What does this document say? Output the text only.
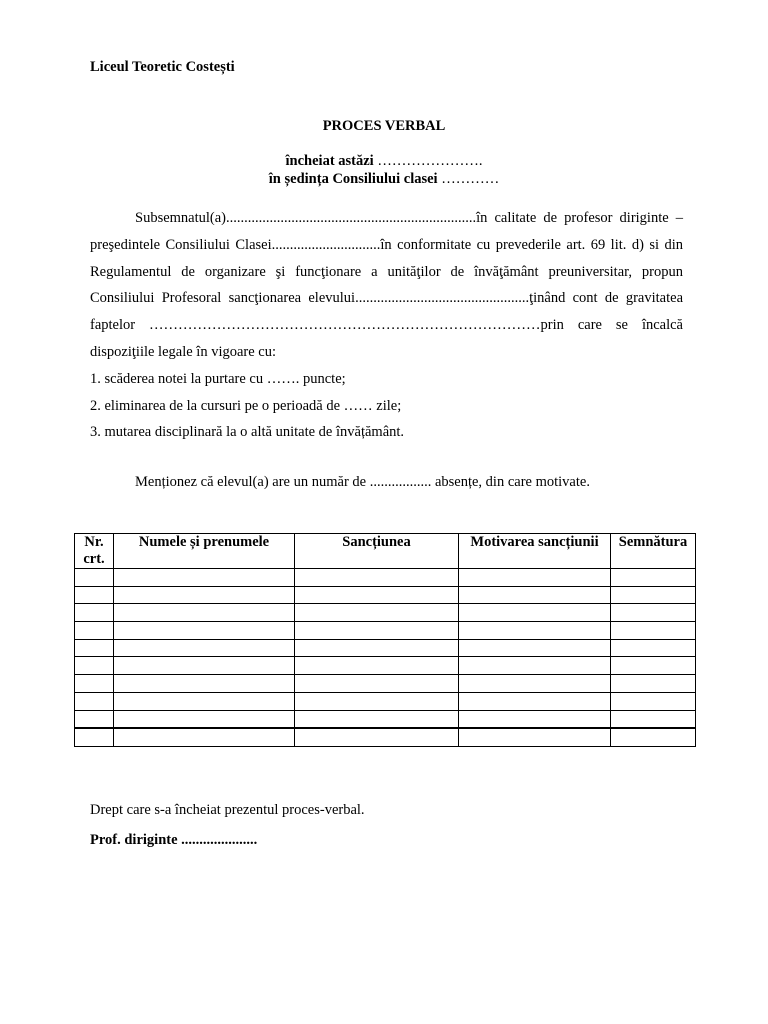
Liceul Teoretic Costești
PROCES VERBAL
încheiat astăzi ………………….
în ședința Consiliului clasei …………

Subsemnatul(a).....................................................................în calitate de profesor diriginte – preşedintele Consiliului Clasei..............................în conformitate cu prevederile art. 69 lit. d) si din Regulamentul de organizare şi funcţionare a unităţilor de învăţământ preuniversitar, propun Consiliului Profesoral sancţionarea elevului................................................ţinând cont de gravitatea faptelor ………………………………………………………………………prin care se încalcă dispoziţiile legale în vigoare cu:

1. scăderea notei la purtare cu ……. puncte;

2. eliminarea de la cursuri pe o perioadă de …… zile;

3. mutarea disciplinară la o altă unitate de învățământ.

Menționez că elevul(a) are un număr de ................. absențe, din care motivate.
Nr. crt.	Numele și prenumele	Sancțiunea	Motivarea sancțiunii	Semnătura

Drept care s-a încheiat prezentul proces-verbal.
Prof. diriginte .....................
